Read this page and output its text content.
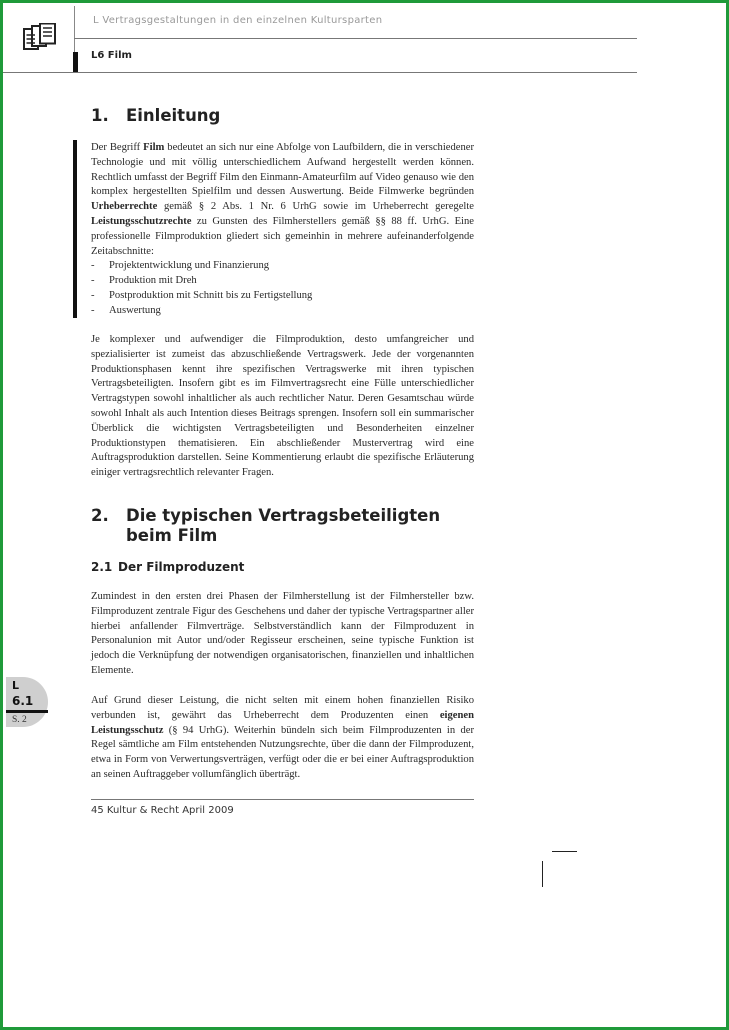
L Vertragsgestaltungen in den einzelnen Kultursparten
L6 Film
1. Einleitung

Der Begriff Film bedeutet an sich nur eine Abfolge von Laufbildern, die in verschiedener Technologie und mit völlig unterschiedlichem Aufwand hergestellt werden können. Rechtlich umfasst der Begriff Film den Einmann-Amateurfilm auf Video genauso wie den komplex hergestellten Spielfilm und dessen Auswertung. Beide Filmwerke begründen Urheberrechte gemäß § 2 Abs. 1 Nr. 6 UrhG sowie im Urheberrecht geregelte Leistungsschutzrechte zu Gunsten des Filmherstellers gemäß §§ 88 ff. UrhG. Eine professionelle Filmproduktion gliedert sich gemeinhin in mehrere aufeinanderfolgende Zeitabschnitte:

- Projektentwicklung und Finanzierung
- Produktion mit Dreh
- Postproduktion mit Schnitt bis zu Fertigstellung
- Auswertung

Je komplexer und aufwendiger die Filmproduktion, desto umfangreicher und spezialisierter ist zumeist das abzuschließende Vertragswerk. Jede der vorgenannten Produktionsphasen kennt ihre spezifischen Vertragswerke mit ihren typischen Vertragsbeteiligten. Insofern gibt es im Filmvertragsrecht eine Fülle unterschiedlicher Vertragstypen sowohl inhaltlicher als auch rechtlicher Natur. Deren Gesamtschau würde sowohl Inhalt als auch Intention dieses Beitrags sprengen. Insofern soll ein summarischer Überblick die wichtigsten Vertragsbeteiligten und Besonderheiten einzelner Produktionstypen thematisieren. Ein abschließender Mustervertrag wird eine Auftragsproduktion darstellen. Seine Kommentierung erlaubt die spezifische Erläuterung einiger vertragsrechtlich relevanter Fragen.

2. Die typischen Vertragsbeteiligten beim Film
2.1 Der Filmproduzent

Zumindest in den ersten drei Phasen der Filmherstellung ist der Filmhersteller bzw. Filmproduzent zentrale Figur des Geschehens und daher der typische Vertragspartner aller hierbei anfallender Filmverträge. Selbstverständlich kann der Filmproduzent in Personalunion mit Autor und/oder Regisseur erscheinen, seine typische Funktion ist jedoch die Verknüpfung der notwendigen organisatorischen, finanziellen und inhaltlichen Elemente.

Auf Grund dieser Leistung, die nicht selten mit einem hohen finanziellen Risiko verbunden ist, gewährt das Urheberrecht dem Produzenten einen eigenen Leistungsschutz (§ 94 UrhG). Weiterhin bündeln sich beim Filmproduzenten in der Regel sämtliche am Film entstehenden Nutzungsrechte, über die dann der Filmproduzent, etwa in Form von Verwertungsverträgen, verfügt oder die er bei einer Auftragsproduktion an seinen Auftraggeber vollumfänglich überträgt.

L
6.1
S. 2
45 Kultur & Recht April 2009
